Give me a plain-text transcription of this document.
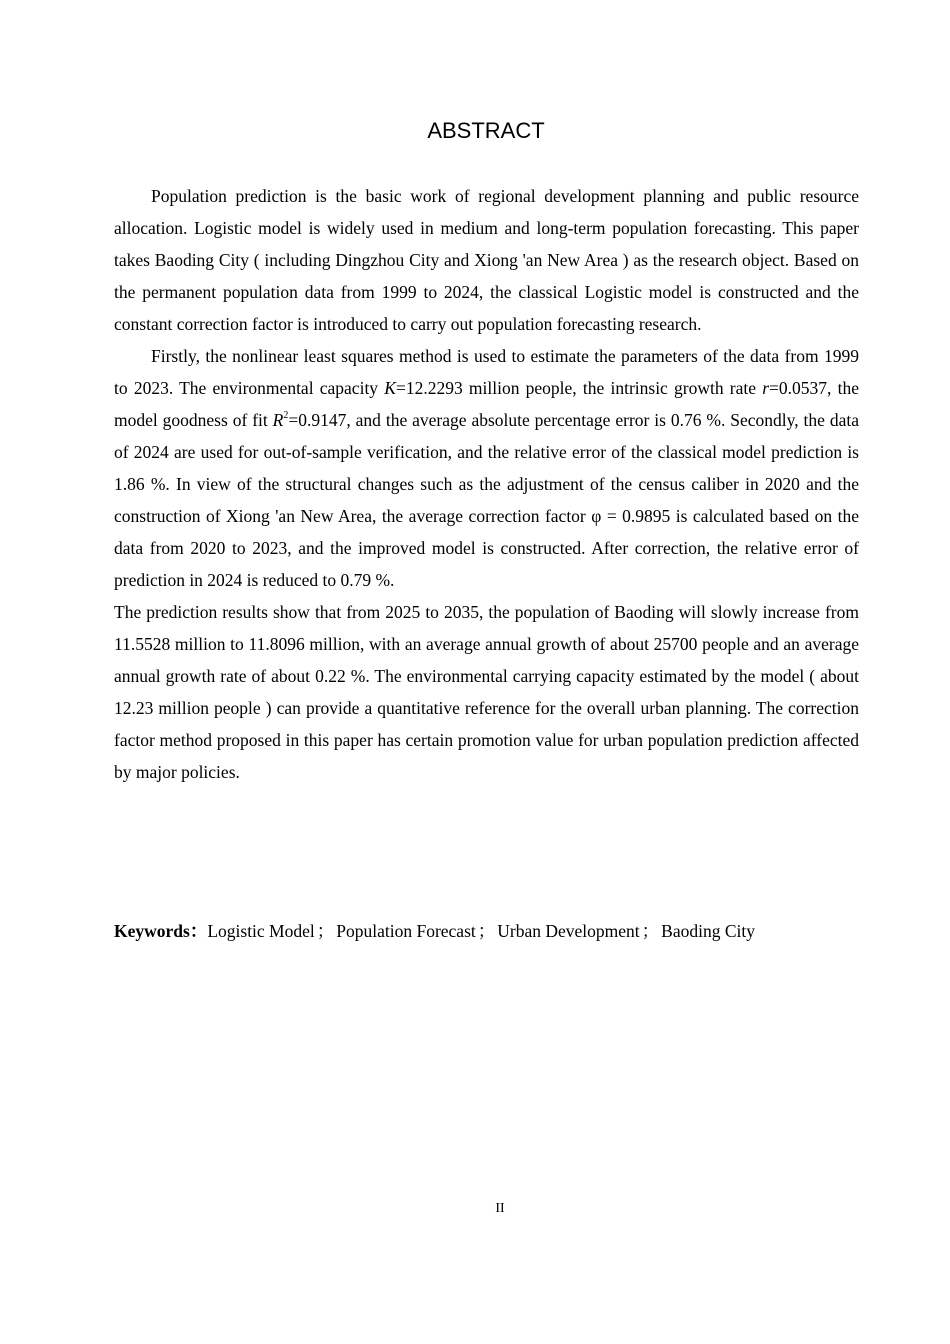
ABSTRACT

Population prediction is the basic work of regional development planning and public resource allocation. Logistic model is widely used in medium and long-term population forecasting. This paper takes Baoding City ( including Dingzhou City and Xiong 'an New Area ) as the research object. Based on the permanent population data from 1999 to 2024, the classical Logistic model is constructed and the constant correction factor is introduced to carry out population forecasting research.

Firstly, the nonlinear least squares method is used to estimate the parameters of the data from 1999 to 2023. The environmental capacity K=12.2293 million people, the intrinsic growth rate r=0.0537, the model goodness of fit $R^2=0.9147$, and the average absolute percentage error is 0.76 %. Secondly, the data of 2024 are used for out-of-sample verification, and the relative error of the classical model prediction is 1.86 %. In view of the structural changes such as the adjustment of the census caliber in 2020 and the construction of Xiong 'an New Area, the average correction factor φ = 0.9895 is calculated based on the data from 2020 to 2023, and the improved model is constructed. After correction, the relative error of prediction in 2024 is reduced to 0.79 %.

The prediction results show that from 2025 to 2035, the population of Baoding will slowly increase from 11.5528 million to 11.8096 million, with an average annual growth of about 25700 people and an average annual growth rate of about 0.22 %. The environmental carrying capacity estimated by the model ( about 12.23 million people ) can provide a quantitative reference for the overall urban planning. The correction factor method proposed in this paper has certain promotion value for urban population prediction affected by major policies.

Keywords：Logistic Model ； Population Forecast ； Urban Development ； Baoding City

II
